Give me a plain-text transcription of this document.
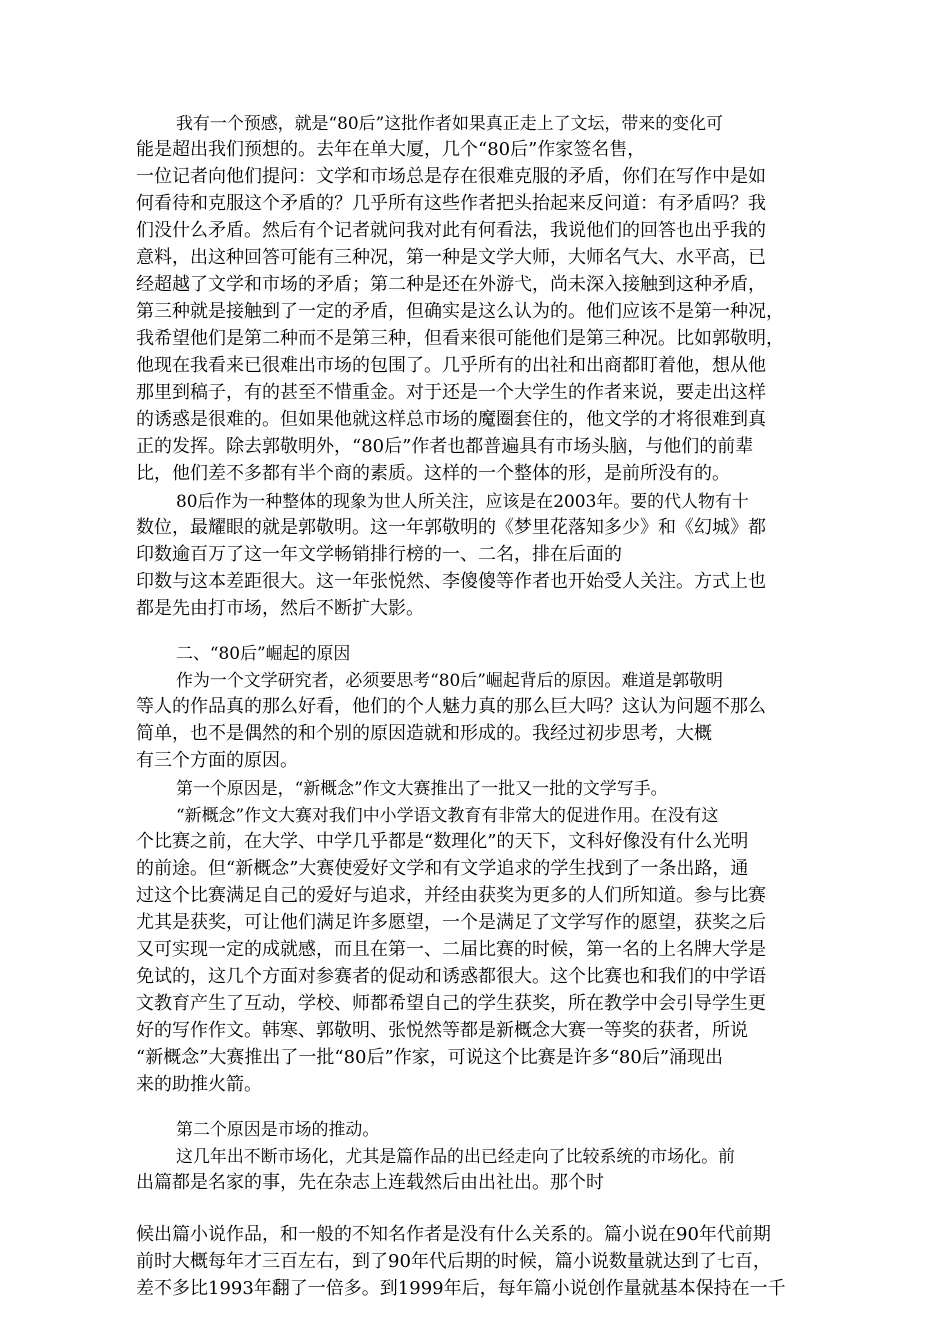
我有一个预感，就是“80后”这批作者如果真正走上了文坛，带来的变化可
能是超出我们预想的。去年在单大厦，几个“80后”作家签名售，
一位记者向他们提问：文学和市场总是存在很难克服的矛盾，你们在写作中是如
何看待和克服这个矛盾的？几乎所有这些作者把头抬起来反问道：有矛盾吗？我
们没什么矛盾。然后有个记者就问我对此有何看法，我说他们的回答也出乎我的
意料，出这种回答可能有三种况，第一种是文学大师，大师名气大、水平高，已
经超越了文学和市场的矛盾；第二种是还在外游弋，尚未深入接触到这种矛盾，
第三种就是接触到了一定的矛盾，但确实是这么认为的。他们应该不是第一种况，
我希望他们是第二种而不是第三种，但看来很可能他们是第三种况。比如郭敬明，
他现在我看来已很难出市场的包围了。几乎所有的出社和出商都盯着他，想从他
那里到稿子，有的甚至不惜重金。对于还是一个大学生的作者来说，要走出这样
的诱惑是很难的。但如果他就这样总市场的魔圈套住的，他文学的才将很难到真
正的发挥。除去郭敬明外，“80后”作者也都普遍具有市场头脑，与他们的前辈
比，他们差不多都有半个商的素质。这样的一个整体的形，是前所没有的。
80后作为一种整体的现象为世人所关注，应该是在2003年。要的代人物有十
数位，最耀眼的就是郭敬明。这一年郭敬明的《梦里花落知多少》和《幻城》都
印数逾百万了这一年文学畅销排行榜的一、二名，排在后面的
印数与这本差距很大。这一年张悦然、李傻傻等作者也开始受人关注。方式上也
都是先由打市场，然后不断扩大影。
二、“80后”崛起的原因
作为一个文学研究者，必须要思考“80后”崛起背后的原因。难道是郭敬明
等人的作品真的那么好看，他们的个人魅力真的那么巨大吗？这认为问题不那么
简单，也不是偶然的和个别的原因造就和形成的。我经过初步思考，大概
有三个方面的原因。
第一个原因是，“新概念”作文大赛推出了一批又一批的文学写手。
“新概念”作文大赛对我们中小学语文教育有非常大的促进作用。在没有这
个比赛之前，在大学、中学几乎都是“数理化”的天下，文科好像没有什么光明
的前途。但“新概念”大赛使爱好文学和有文学追求的学生找到了一条出路，通
过这个比赛满足自己的爱好与追求，并经由获奖为更多的人们所知道。参与比赛
尤其是获奖，可让他们满足许多愿望，一个是满足了文学写作的愿望，获奖之后
又可实现一定的成就感，而且在第一、二届比赛的时候，第一名的上名牌大学是
免试的，这几个方面对参赛者的促动和诱惑都很大。这个比赛也和我们的中学语
文教育产生了互动，学校、师都希望自己的学生获奖，所在教学中会引导学生更
好的写作作文。韩寒、郭敬明、张悦然等都是新概念大赛一等奖的获者，所说
“新概念”大赛推出了一批“80后”作家，可说这个比赛是许多“80后”涌现出
来的助推火箭。
第二个原因是市场的推动。
这几年出不断市场化，尤其是篇作品的出已经走向了比较系统的市场化。前
出篇都是名家的事，先在杂志上连载然后由出社出。那个时
候出篇小说作品，和一般的不知名作者是没有什么关系的。篇小说在90年代前期
前时大概每年才三百左右，到了90年代后期的时候，篇小说数量就达到了七百，
差不多比1993年翻了一倍多。到1999年后，每年篇小说创作量就基本保持在一千
